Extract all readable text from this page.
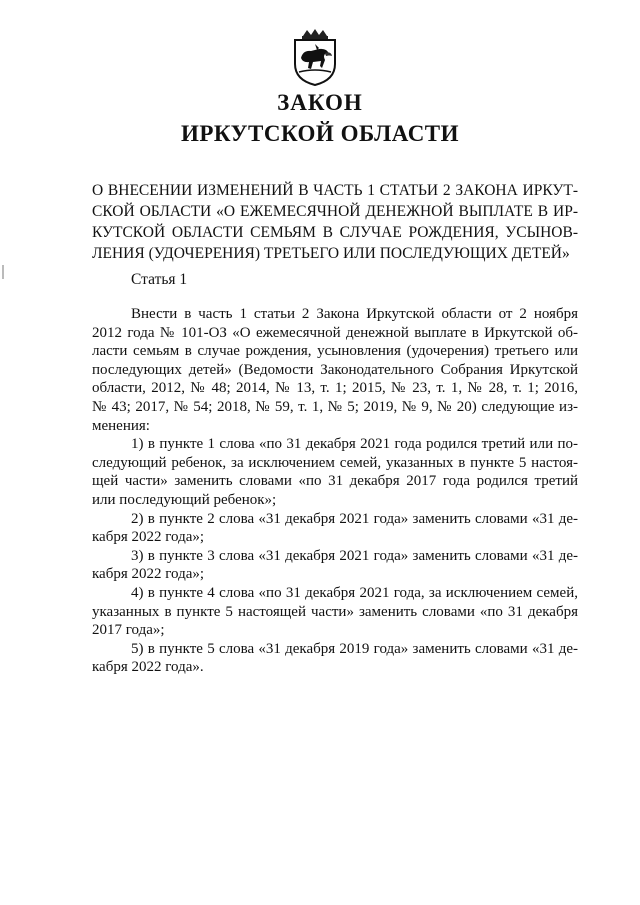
ЗАКОН
ИРКУТСКОЙ ОБЛАСТИ
О ВНЕСЕНИИ ИЗМЕНЕНИЙ В ЧАСТЬ 1 СТАТЬИ 2 ЗАКОНА ИРКУТ-
СКОЙ ОБЛАСТИ «О ЕЖЕМЕСЯЧНОЙ ДЕНЕЖНОЙ ВЫПЛАТЕ В ИР-
КУТСКОЙ ОБЛАСТИ СЕМЬЯМ В СЛУЧАЕ РОЖДЕНИЯ, УСЫНОВ-
ЛЕНИЯ (УДОЧЕРЕНИЯ) ТРЕТЬЕГО ИЛИ ПОСЛЕДУЮЩИХ ДЕТЕЙ»
Статья 1
Внести в часть 1 статьи 2 Закона Иркутской области от 2 ноября
2012 года № 101-ОЗ «О ежемесячной денежной выплате в Иркутской об-
ласти семьям в случае рождения, усыновления (удочерения) третьего или
последующих детей» (Ведомости Законодательного Собрания Иркутской
области, 2012, № 48; 2014, № 13, т. 1; 2015, № 23, т. 1, № 28, т. 1; 2016,
№ 43; 2017, № 54; 2018, № 59, т. 1, № 5; 2019, № 9, № 20) следующие из-
менения:
1) в пункте 1 слова «по 31 декабря 2021 года родился третий или по-
следующий ребенок, за исключением семей, указанных в пункте 5 настоя-
щей части» заменить словами «по 31 декабря 2017 года родился третий
или последующий ребенок»;
2) в пункте 2 слова «31 декабря 2021 года» заменить словами «31 де-
кабря 2022 года»;
3) в пункте 3 слова «31 декабря 2021 года» заменить словами «31 де-
кабря 2022 года»;
4) в пункте 4 слова «по 31 декабря 2021 года, за исключением семей,
указанных в пункте 5 настоящей части» заменить словами «по 31 декабря
2017 года»;
5) в пункте 5 слова «31 декабря 2019 года» заменить словами «31 де-
кабря 2022 года».
